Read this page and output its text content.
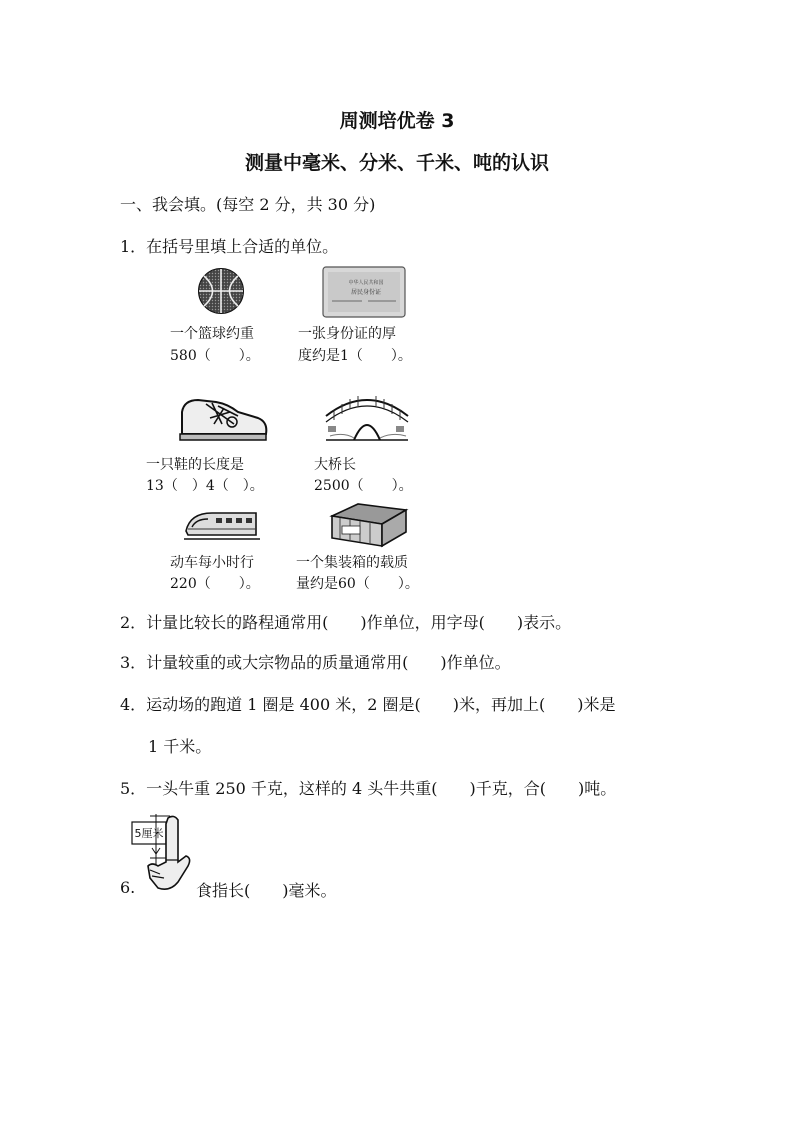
周测培优卷 3
测量中毫米、分米、千米、吨的认识
一、我会填。(每空 2 分，共 30 分)
1．在括号里填上合适的单位。
一个篮球约重
580（　　）。
中华人民共和国
居民身份证
一张身份证的厚
度约是1（　　）。
一只鞋的长度是
13（　）4（　）。
大桥长
2500（　　）。
动车每小时行
220（　　）。
一个集装箱的载质
量约是60（　　）。
2．计量比较长的路程通常用(　　)作单位，用字母(　　)表示。
3．计量较重的或大宗物品的质量通常用(　　)作单位。
4．运动场的跑道 1 圈是 400 米，2 圈是(　　)米，再加上(　　)米是
1 千米。
5．一头牛重 250 千克，这样的 4 头牛共重(　　)千克，合(　　)吨。
5厘米
6.	食指长(　　)毫米。
